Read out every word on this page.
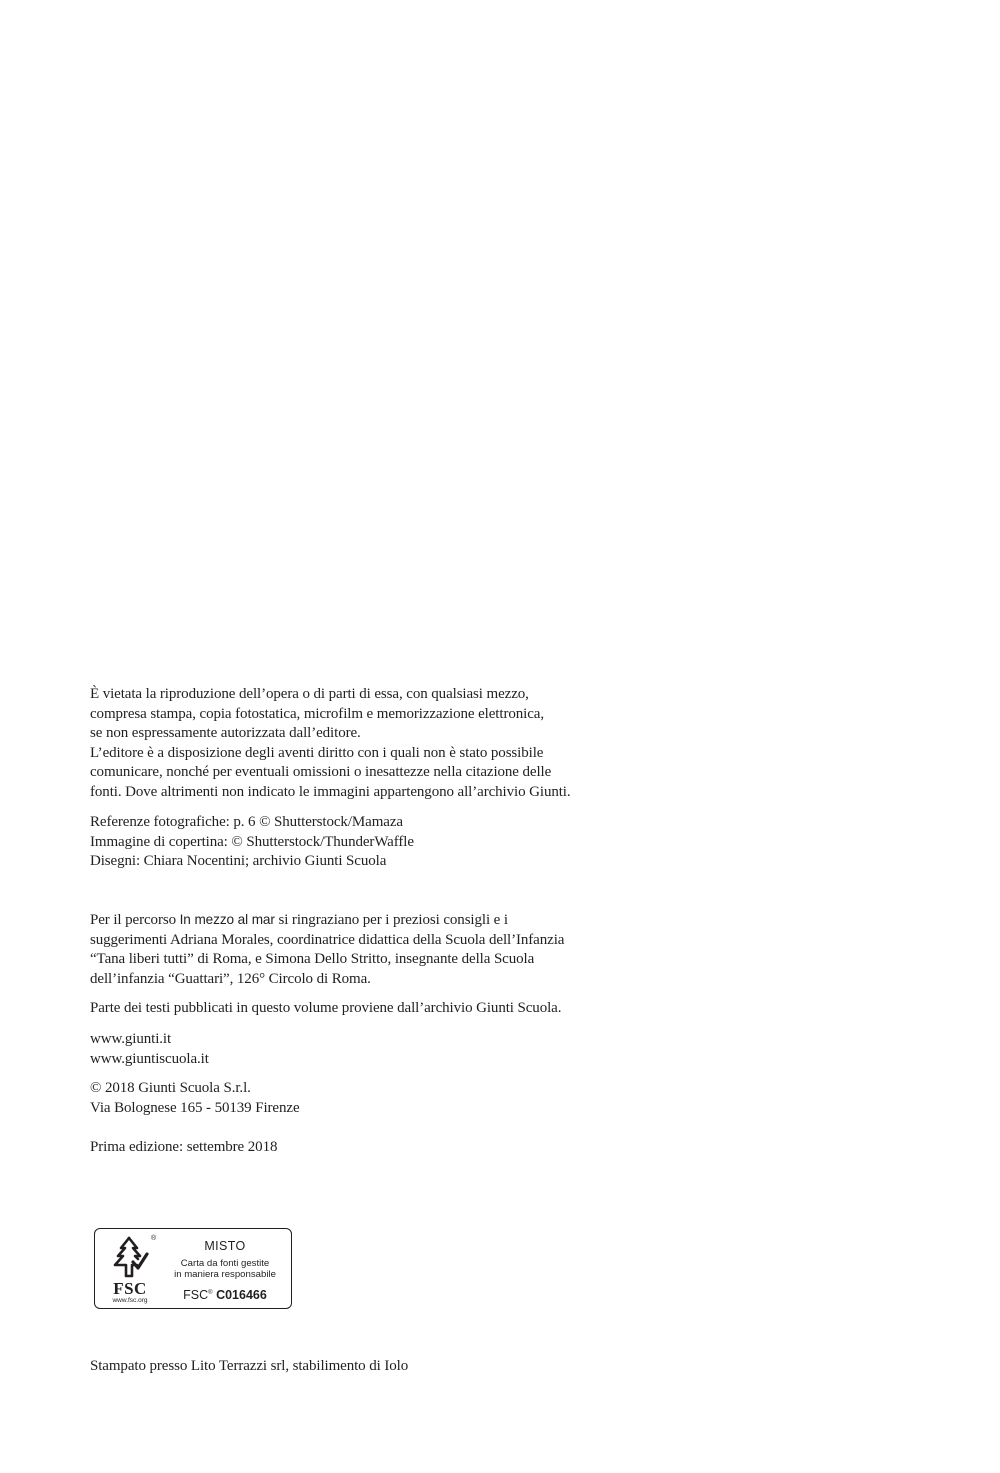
È vietata la riproduzione dell’opera o di parti di essa, con qualsiasi mezzo,

compresa stampa, copia fotostatica, microfilm e memorizzazione elettronica,

se non espressamente autorizzata dall’editore.

L’editore è a disposizione degli aventi diritto con i quali non è stato possibile

comunicare, nonché per eventuali omissioni o inesattezze nella citazione delle

fonti. Dove altrimenti non indicato le immagini appartengono all’archivio Giunti.

Referenze fotografiche: p. 6 © Shutterstock/Mamaza

Immagine di copertina: © Shutterstock/ThunderWaffle

Disegni: Chiara Nocentini; archivio Giunti Scuola

Per il percorso In mezzo al mar si ringraziano per i preziosi consigli e i

suggerimenti Adriana Morales, coordinatrice didattica della Scuola dell’Infanzia

“Tana liberi tutti” di Roma, e Simona Dello Stritto, insegnante della Scuola

dell’infanzia “Guattari”, 126° Circolo di Roma.

Parte dei testi pubblicati in questo volume proviene dall’archivio Giunti Scuola.

www.giunti.it

www.giuntiscuola.it

© 2018 Giunti Scuola S.r.l.

Via Bolognese 165 - 50139 Firenze

Prima edizione: settembre 2018

®
FSC
www.fsc.org
MISTO
Carta da fonti gestite
in maniera responsabile
FSC® C016466

Stampato presso Lito Terrazzi srl, stabilimento di Iolo
